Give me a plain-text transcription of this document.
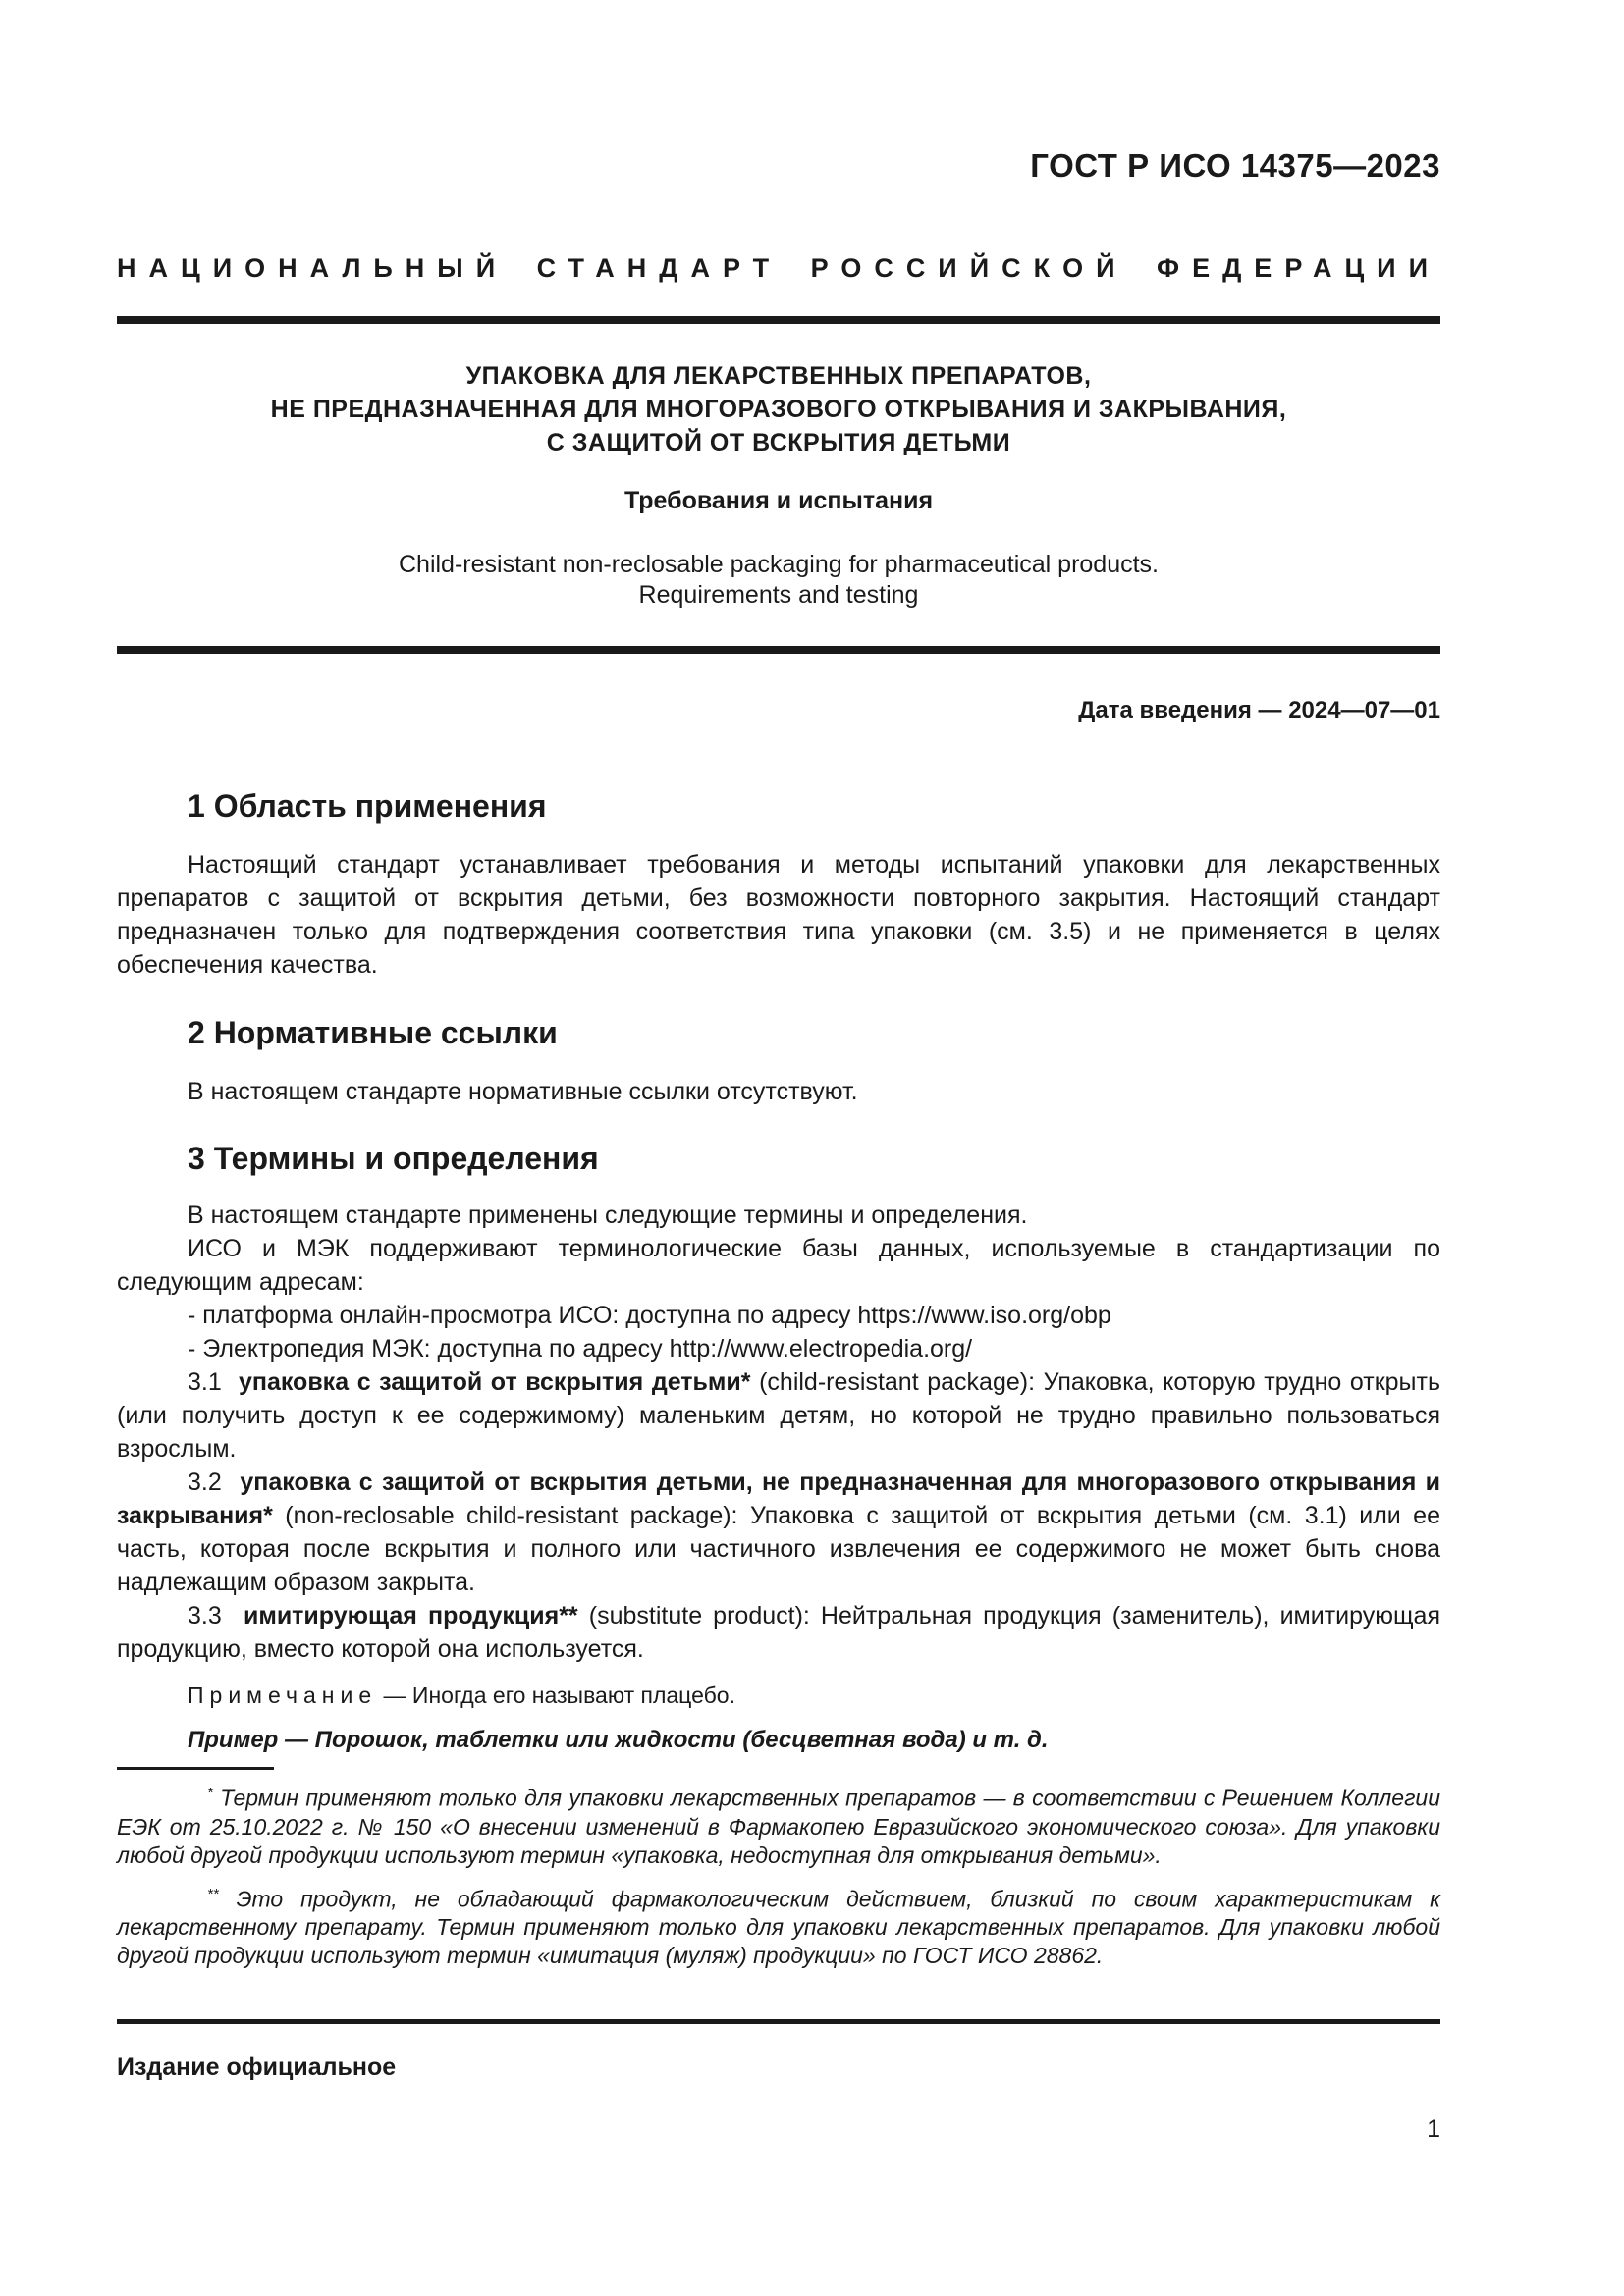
ГОСТ Р ИСО 14375—2023
НАЦИОНАЛЬНЫЙ СТАНДАРТ РОССИЙСКОЙ ФЕДЕРАЦИИ
УПАКОВКА ДЛЯ ЛЕКАРСТВЕННЫХ ПРЕПАРАТОВ,
НЕ ПРЕДНАЗНАЧЕННАЯ ДЛЯ МНОГОРАЗОВОГО ОТКРЫВАНИЯ И ЗАКРЫВАНИЯ,
С ЗАЩИТОЙ ОТ ВСКРЫТИЯ ДЕТЬМИ
Требования и испытания
Child-resistant non-reclosable packaging for pharmaceutical products.
Requirements and testing
Дата введения — 2024—07—01
1 Область применения

Настоящий стандарт устанавливает требования и методы испытаний упаковки для лекарственных препаратов с защитой от вскрытия детьми, без возможности повторного закрытия. Настоящий стандарт предназначен только для подтверждения соответствия типа упаковки (см. 3.5) и не применяется в целях обеспечения качества.

2 Нормативные ссылки

В настоящем стандарте нормативные ссылки отсутствуют.

3 Термины и определения

В настоящем стандарте применены следующие термины и определения.

ИСО и МЭК поддерживают терминологические базы данных, используемые в стандартизации по следующим адресам:

- платформа онлайн-просмотра ИСО: доступна по адресу https://www.iso.org/obp
- Электропедия МЭК: доступна по адресу http://www.electropedia.org/

3.1 упаковка с защитой от вскрытия детьми* (child-resistant package): Упаковка, которую трудно открыть (или получить доступ к ее содержимому) маленьким детям, но которой не трудно правильно пользоваться взрослым.

3.2 упаковка с защитой от вскрытия детьми, не предназначенная для многоразового открывания и закрывания* (non-reclosable child-resistant package): Упаковка с защитой от вскрытия детьми (см. 3.1) или ее часть, которая после вскрытия и полного или частичного извлечения ее содержимого не может быть снова надлежащим образом закрыта.

3.3 имитирующая продукция** (substitute product): Нейтральная продукция (заменитель), имитирующая продукцию, вместо которой она используется.

Примечание — Иногда его называют плацебо.

Пример — Порошок, таблетки или жидкости (бесцветная вода) и т. д.

* Термин применяют только для упаковки лекарственных препаратов — в соответствии с Решением Коллегии ЕЭК от 25.10.2022 г. № 150 «О внесении изменений в Фармакопею Евразийского экономического союза». Для упаковки любой другой продукции используют термин «упаковка, недоступная для открывания детьми».

** Это продукт, не обладающий фармакологическим действием, близкий по своим характеристикам к лекарственному препарату. Термин применяют только для упаковки лекарственных препаратов. Для упаковки любой другой продукции используют термин «имитация (муляж) продукции» по ГОСТ ИСО 28862.

Издание официальное
1
